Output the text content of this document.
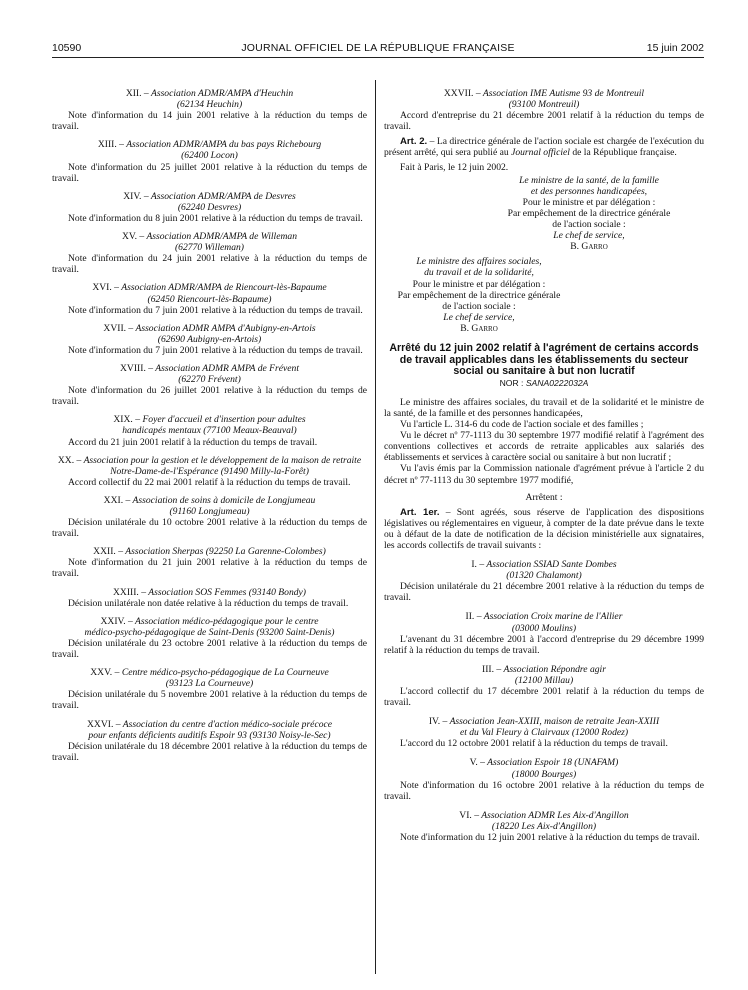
10590	JOURNAL OFFICIEL DE LA RÉPUBLIQUE FRANÇAISE	15 juin 2002
XII. – Association ADMR/AMPA d'Heuchin
(62134 Heuchin)
Note d'information du 14 juin 2001 relative à la réduction du temps de travail.
XIII. – Association ADMR/AMPA du bas pays Richebourg
(62400 Locon)
Note d'information du 25 juillet 2001 relative à la réduction du temps de travail.
XIV. – Association ADMR/AMPA de Desvres
(62240 Desvres)
Note d'information du 8 juin 2001 relative à la réduction du temps de travail.
XV. – Association ADMR/AMPA de Willeman
(62770 Willeman)
Note d'information du 24 juin 2001 relative à la réduction du temps de travail.
XVI. – Association ADMR/AMPA de Riencourt-lès-Bapaume
(62450 Riencourt-lès-Bapaume)
Note d'information du 7 juin 2001 relative à la réduction du temps de travail.
XVII. – Association ADMR AMPA d'Aubigny-en-Artois
(62690 Aubigny-en-Artois)
Note d'information du 7 juin 2001 relative à la réduction du temps de travail.
XVIII. – Association ADMR AMPA de Frévent
(62270 Frévent)
Note d'information du 26 juillet 2001 relative à la réduction du temps de travail.
XIX. – Foyer d'accueil et d'insertion pour adultes
handicapés mentaux (77100 Meaux-Beauval)
Accord du 21 juin 2001 relatif à la réduction du temps de travail.
XX. – Association pour la gestion et le développement de la maison de retraite Notre-Dame-de-l'Espérance (91490 Milly-la-Forêt)
Accord collectif du 22 mai 2001 relatif à la réduction du temps de travail.
XXI. – Association de soins à domicile de Longjumeau
(91160 Longjumeau)
Décision unilatérale du 10 octobre 2001 relative à la réduction du temps de travail.
XXII. – Association Sherpas (92250 La Garenne-Colombes)
Note d'information du 21 juin 2001 relative à la réduction du temps de travail.
XXIII. – Association SOS Femmes (93140 Bondy)
Décision unilatérale non datée relative à la réduction du temps de travail.
XXIV. – Association médico-pédagogique pour le centre
médico-psycho-pédagogique de Saint-Denis (93200 Saint-Denis)
Décision unilatérale du 23 octobre 2001 relative à la réduction du temps de travail.
XXV. – Centre médico-psycho-pédagogique de La Courneuve
(93123 La Courneuve)
Décision unilatérale du 5 novembre 2001 relative à la réduction du temps de travail.
XXVI. – Association du centre d'action médico-sociale précoce
pour enfants déficients auditifs Espoir 93 (93130 Noisy-le-Sec)
Décision unilatérale du 18 décembre 2001 relative à la réduction du temps de travail.
XXVII. – Association IME Autisme 93 de Montreuil
(93100 Montreuil)
Accord d'entreprise du 21 décembre 2001 relatif à la réduction du temps de travail.
Art. 2. – La directrice générale de l'action sociale est chargée de l'exécution du présent arrêté, qui sera publié au Journal officiel de la République française.
Fait à Paris, le 12 juin 2002.
Le ministre de la santé, de la famille
et des personnes handicapées,
Pour le ministre et par délégation :
Par empêchement de la directrice générale
de l'action sociale :
Le chef de service,
B. Garro
Le ministre des affaires sociales,
du travail et de la solidarité,
Pour le ministre et par délégation :
Par empêchement de la directrice générale
de l'action sociale :
Le chef de service,
B. Garro
Arrêté du 12 juin 2002 relatif à l'agrément de certains accords de travail applicables dans les établissements du secteur social ou sanitaire à but non lucratif
NOR : SANA0222032A
Le ministre des affaires sociales, du travail et de la solidarité et le ministre de la santé, de la famille et des personnes handicapées,
Vu l'article L. 314-6 du code de l'action sociale et des familles ;
Vu le décret nº 77-1113 du 30 septembre 1977 modifié relatif à l'agrément des conventions collectives et accords de retraite applicables aux salariés des établissements et services à caractère social ou sanitaire à but non lucratif ;
Vu l'avis émis par la Commission nationale d'agrément prévue à l'article 2 du décret nº 77-1113 du 30 septembre 1977 modifié,
Arrêtent :
Art. 1er. – Sont agréés, sous réserve de l'application des dispositions législatives ou réglementaires en vigueur, à compter de la date prévue dans le texte ou à défaut de la date de notification de la décision ministérielle aux signataires, les accords collectifs de travail suivants :
I. – Association SSIAD Sante Dombes
(01320 Chalamont)
Décision unilatérale du 21 décembre 2001 relative à la réduction du temps de travail.
II. – Association Croix marine de l'Allier
(03000 Moulins)
L'avenant du 31 décembre 2001 à l'accord d'entreprise du 29 décembre 1999 relatif à la réduction du temps de travail.
III. – Association Répondre agir
(12100 Millau)
L'accord collectif du 17 décembre 2001 relatif à la réduction du temps de travail.
IV. – Association Jean-XXIII, maison de retraite Jean-XXIII
et du Val Fleury à Clairvaux (12000 Rodez)
L'accord du 12 octobre 2001 relatif à la réduction du temps de travail.
V. – Association Espoir 18 (UNAFAM)
(18000 Bourges)
Note d'information du 16 octobre 2001 relative à la réduction du temps de travail.
VI. – Association ADMR Les Aix-d'Angillon
(18220 Les Aix-d'Angillon)
Note d'information du 12 juin 2001 relative à la réduction du temps de travail.
